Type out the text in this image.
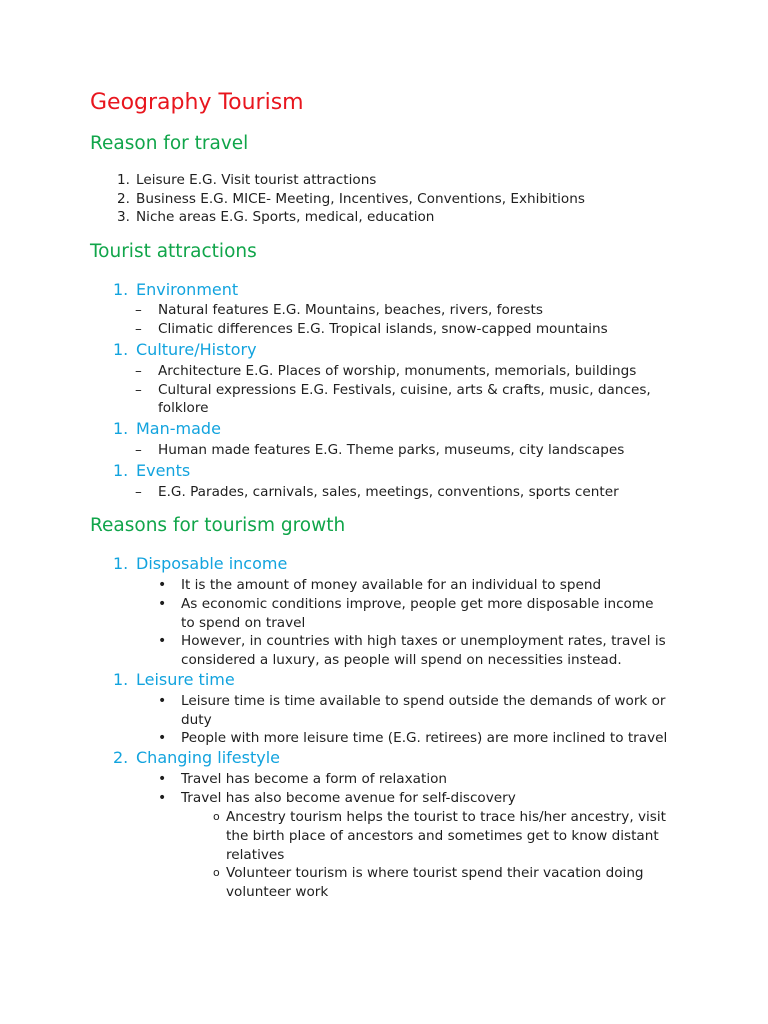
Geography Tourism
Reason for travel
1. Leisure E.G. Visit tourist attractions
2. Business E.G. MICE- Meeting, Incentives, Conventions, Exhibitions
3. Niche areas E.G. Sports, medical, education
Tourist attractions
1. Environment
– Natural features E.G. Mountains, beaches, rivers, forests
– Climatic differences E.G. Tropical islands, snow-capped mountains
1. Culture/History
– Architecture E.G. Places of worship, monuments, memorials, buildings
– Cultural expressions E.G. Festivals, cuisine, arts & crafts, music, dances,
folklore
1. Man-made
– Human made features E.G. Theme parks, museums, city landscapes
1. Events
– E.G. Parades, carnivals, sales, meetings, conventions, sports center
Reasons for tourism growth
1. Disposable income
• It is the amount of money available for an individual to spend
• As economic conditions improve, people get more disposable income
to spend on travel
• However, in countries with high taxes or unemployment rates, travel is
considered a luxury, as people will spend on necessities instead.
1. Leisure time
• Leisure time is time available to spend outside the demands of work or
duty
• People with more leisure time (E.G. retirees) are more inclined to travel
2. Changing lifestyle
• Travel has become a form of relaxation
• Travel has also become avenue for self-discovery
o Ancestry tourism helps the tourist to trace his/her ancestry, visit
the birth place of ancestors and sometimes get to know distant
relatives
o Volunteer tourism is where tourist spend their vacation doing
volunteer work
